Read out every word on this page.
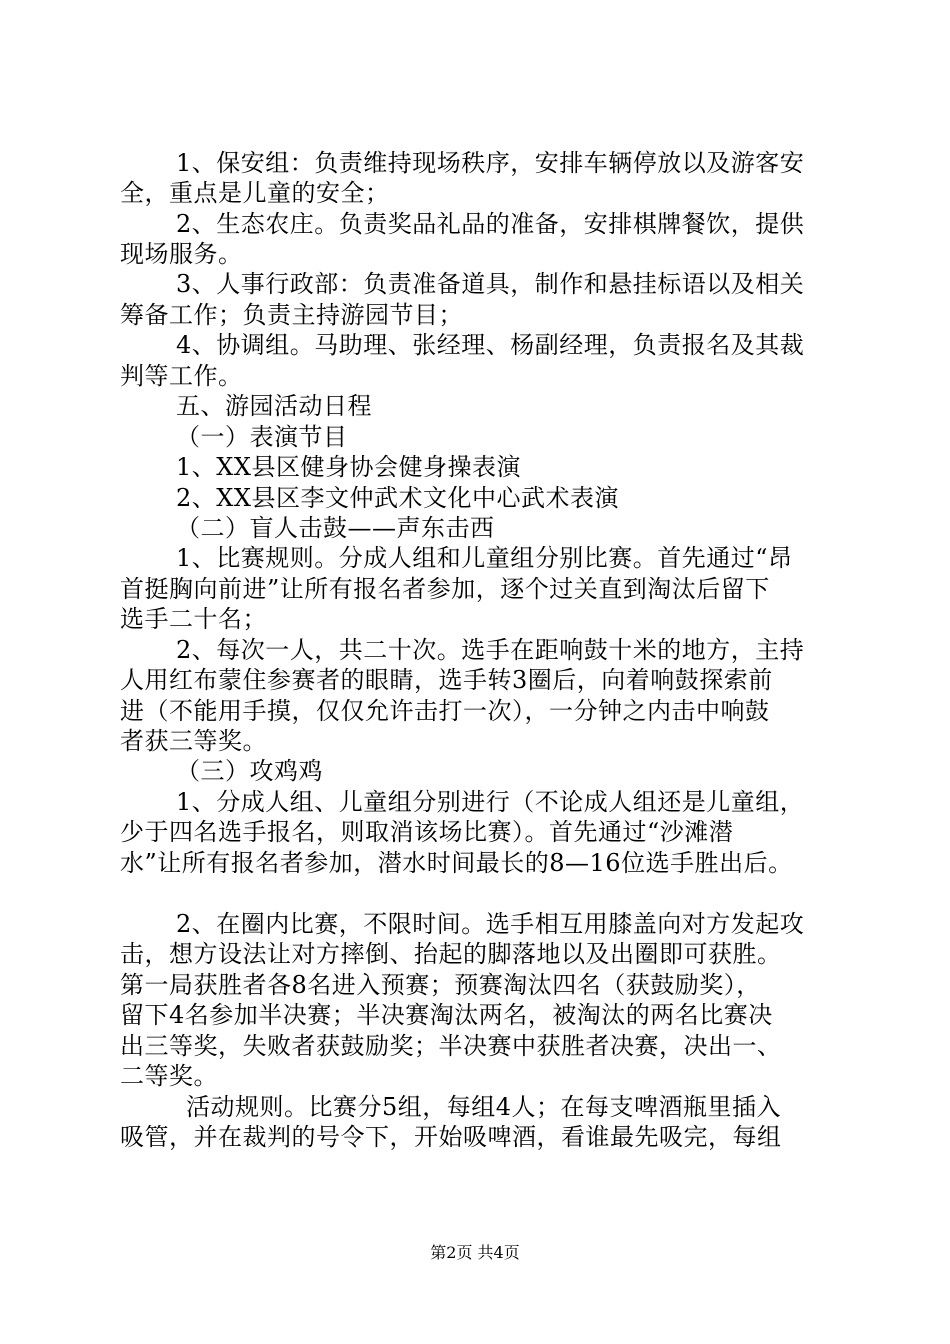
1、保安组：负责维持现场秩序，安排车辆停放以及游客安
全，重点是儿童的安全；
2、生态农庄。负责奖品礼品的准备，安排棋牌餐饮，提供
现场服务。
3、人事行政部：负责准备道具，制作和悬挂标语以及相关
筹备工作；负责主持游园节目；
4、协调组。马助理、张经理、杨副经理，负责报名及其裁
判等工作。
五、游园活动日程
（一）表演节目
1、XX县区健身协会健身操表演
2、XX县区李文仲武术文化中心武术表演
（二）盲人击鼓——声东击西
1、比赛规则。分成人组和儿童组分别比赛。首先通过“昂
首挺胸向前进”让所有报名者参加，逐个过关直到淘汰后留下
选手二十名；
2、每次一人，共二十次。选手在距响鼓十米的地方，主持
人用红布蒙住参赛者的眼睛，选手转3圈后，向着响鼓探索前
进（不能用手摸，仅仅允许击打一次），一分钟之内击中响鼓
者获三等奖。
（三）攻鸡鸡
1、分成人组、儿童组分别进行（不论成人组还是儿童组，
少于四名选手报名，则取消该场比赛）。首先通过“沙滩潜
水”让所有报名者参加，潜水时间最长的8—16位选手胜出后。
2、在圈内比赛，不限时间。选手相互用膝盖向对方发起攻
击，想方设法让对方摔倒、抬起的脚落地以及出圈即可获胜。
第一局获胜者各8名进入预赛；预赛淘汰四名（获鼓励奖），
留下4名参加半决赛；半决赛淘汰两名，被淘汰的两名比赛决
出三等奖，失败者获鼓励奖；半决赛中获胜者决赛，决出一、
二等奖。
活动规则。比赛分5组，每组4人；在每支啤酒瓶里插入
吸管，并在裁判的号令下，开始吸啤酒，看谁最先吸完，每组
第2页 共4页
